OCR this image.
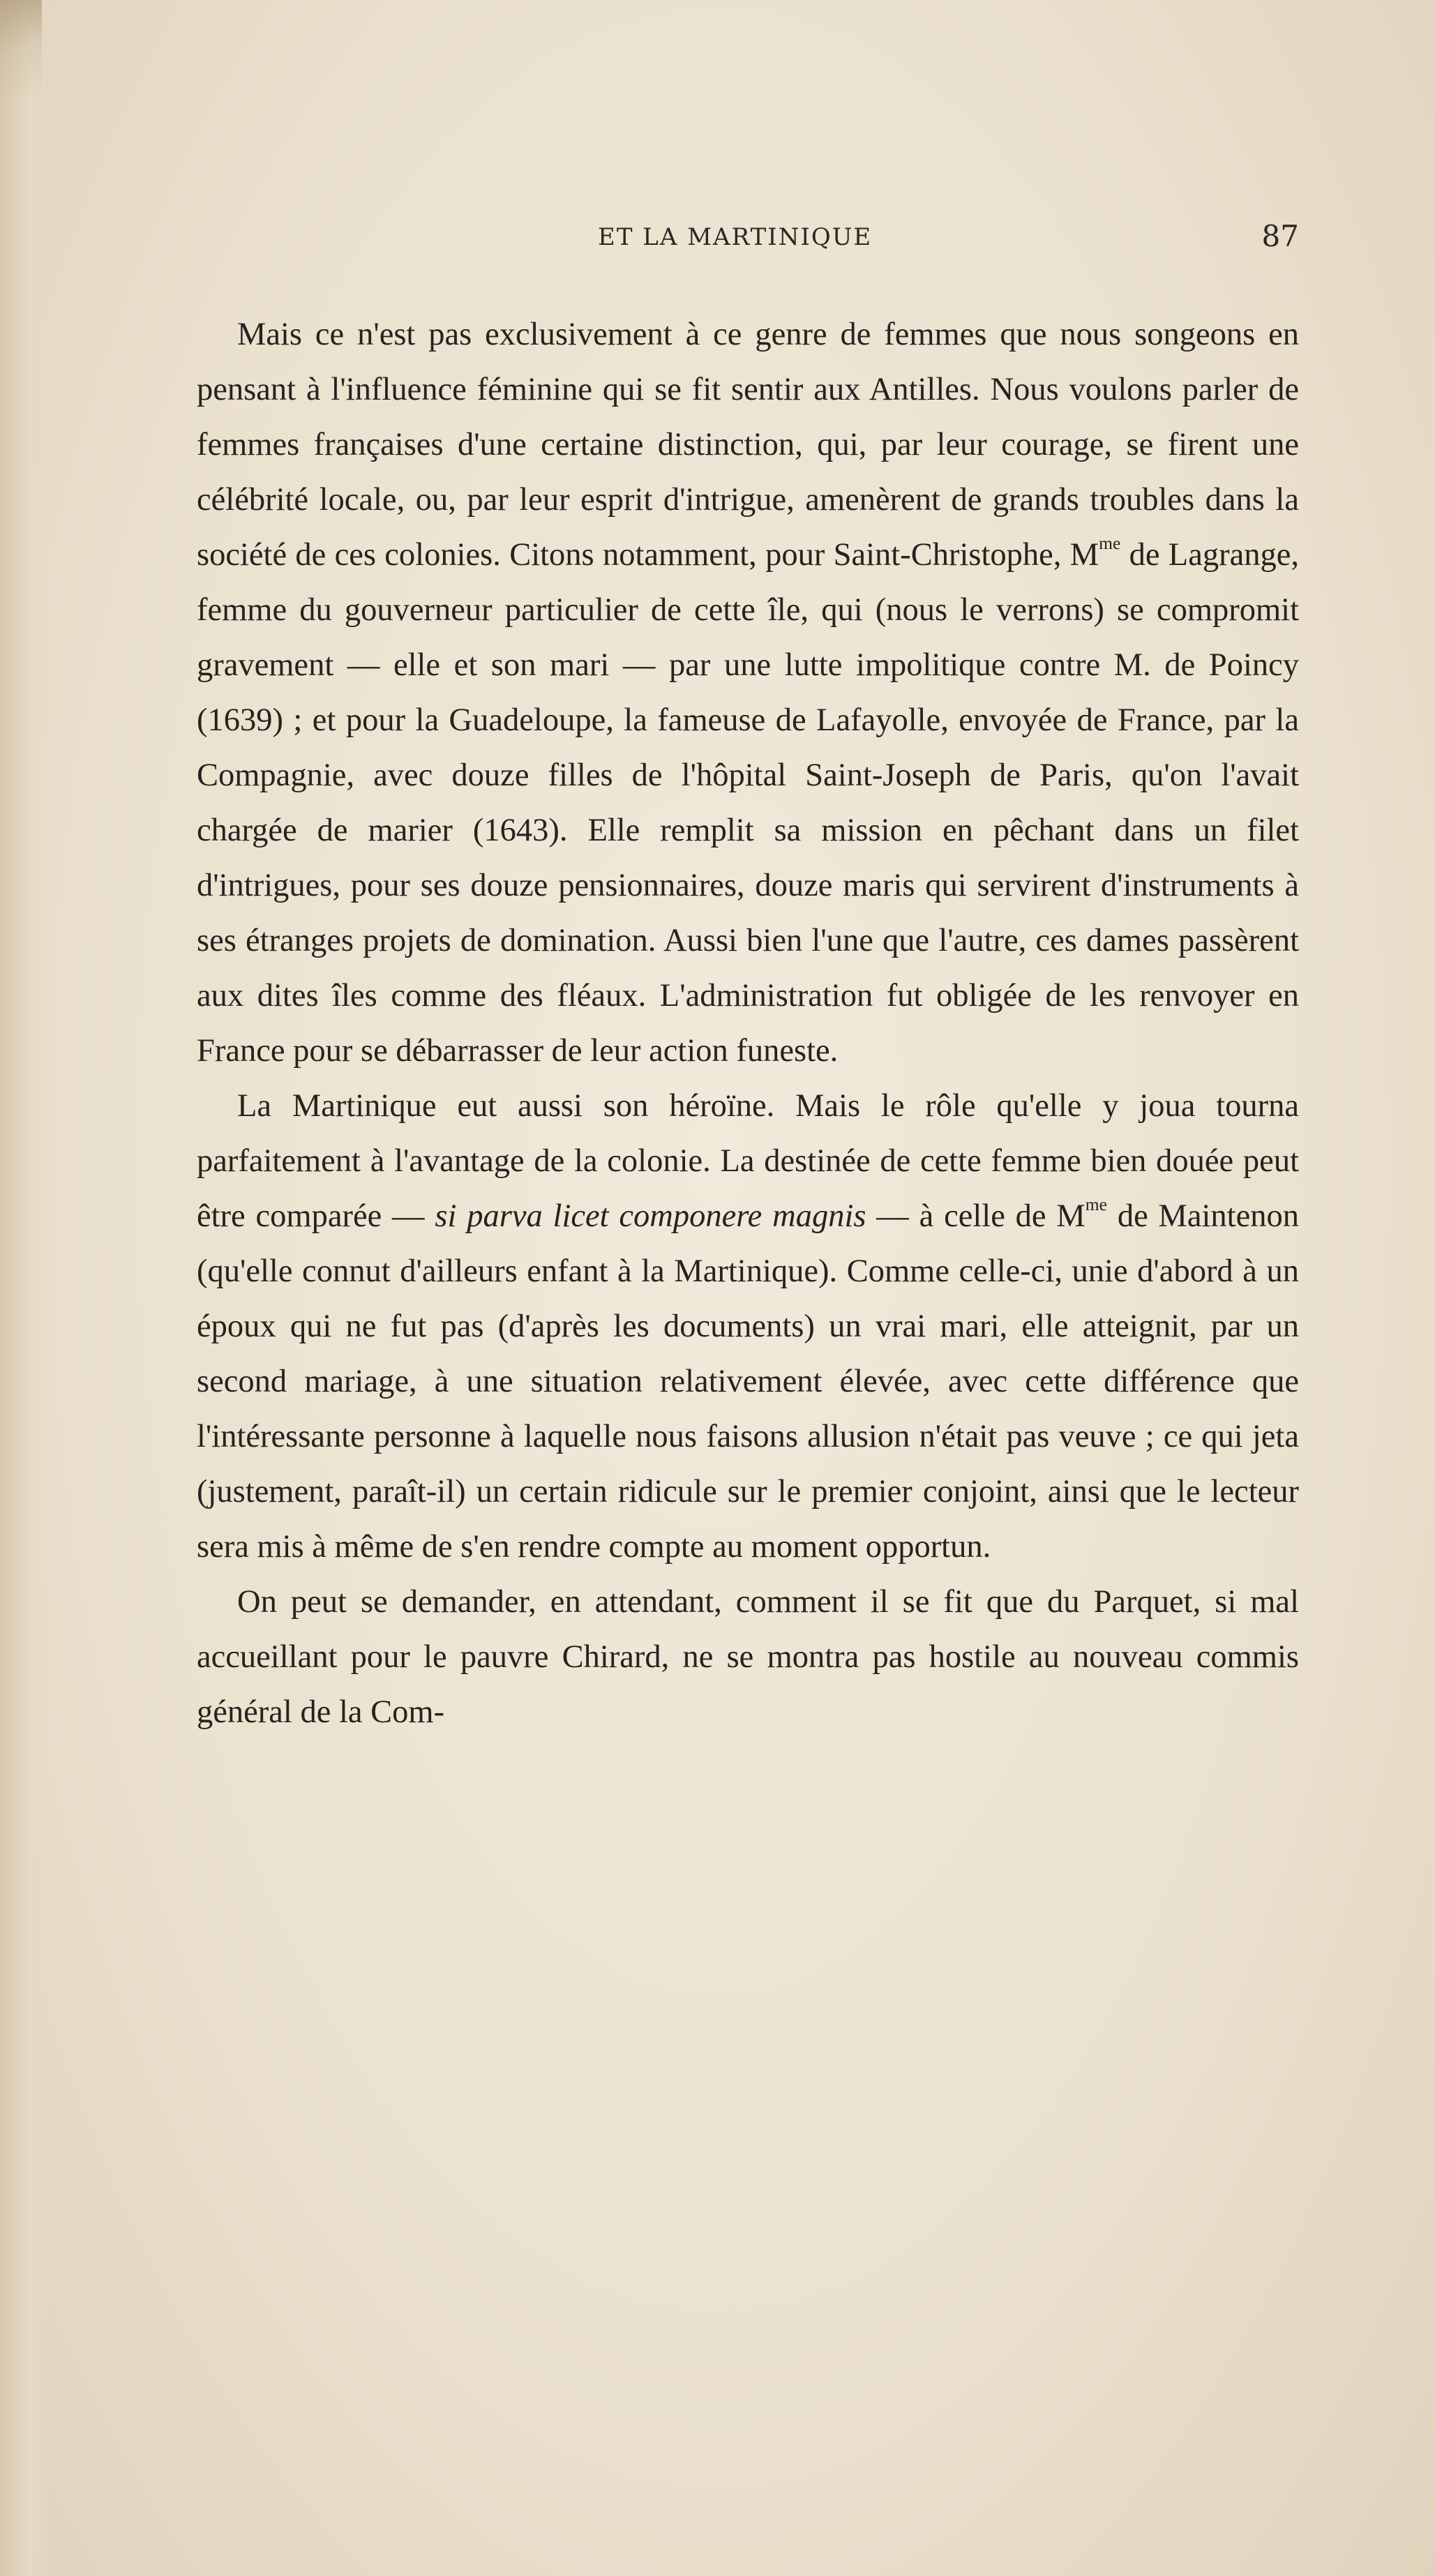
ET LA MARTINIQUE	87

Mais ce n'est pas exclusivement à ce genre de femmes que nous songeons en pensant à l'influence féminine qui se fit sentir aux Antilles. Nous voulons parler de femmes françaises d'une certaine distinction, qui, par leur courage, se firent une célébrité locale, ou, par leur esprit d'intrigue, amenèrent de grands troubles dans la société de ces colonies. Citons notamment, pour Saint-Christophe, $M^{me}$ de Lagrange, femme du gouverneur particulier de cette île, qui (nous le verrons) se compromit gravement — elle et son mari — par une lutte impolitique contre M. de Poincy (1639) ; et pour la Guadeloupe, la fameuse de Lafayolle, envoyée de France, par la Compagnie, avec douze filles de l'hôpital Saint-Joseph de Paris, qu'on l'avait chargée de marier (1643). Elle remplit sa mission en pêchant dans un filet d'intrigues, pour ses douze pensionnaires, douze maris qui servirent d'instruments à ses étranges projets de domination. Aussi bien l'une que l'autre, ces dames passèrent aux dites îles comme des fléaux. L'administration fut obligée de les renvoyer en France pour se débarrasser de leur action funeste.

La Martinique eut aussi son héroïne. Mais le rôle qu'elle y joua tourna parfaitement à l'avantage de la colonie. La destinée de cette femme bien douée peut être comparée — si parva licet componere magnis — à celle de $M^{me}$ de Maintenon (qu'elle connut d'ailleurs enfant à la Martinique). Comme celle-ci, unie d'abord à un époux qui ne fut pas (d'après les documents) un vrai mari, elle atteignit, par un second mariage, à une situation relativement élevée, avec cette différence que l'intéressante personne à laquelle nous faisons allusion n'était pas veuve ; ce qui jeta (justement, paraît-il) un certain ridicule sur le premier conjoint, ainsi que le lecteur sera mis à même de s'en rendre compte au moment opportun.

On peut se demander, en attendant, comment il se fit que du Parquet, si mal accueillant pour le pauvre Chirard, ne se montra pas hostile au nouveau commis général de la Com-
